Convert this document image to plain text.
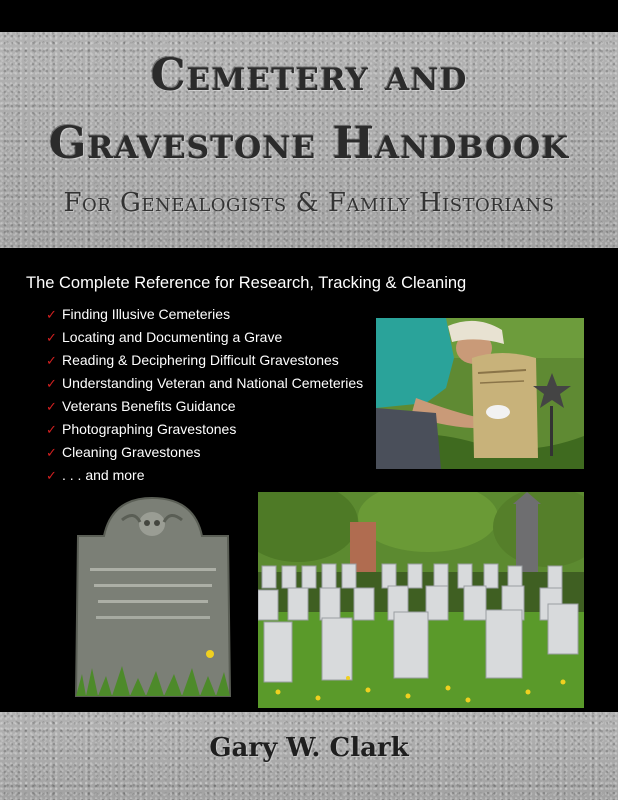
Cemetery and
Gravestone Handbook
For Genealogists & Family Historians
The Complete Reference for Research, Tracking & Cleaning
✓ Finding Illusive Cemeteries
✓ Locating and Documenting a Grave
✓ Reading & Deciphering Difficult Gravestones
✓ Understanding Veteran and National Cemeteries
✓ Veterans Benefits Guidance
✓ Photographing Gravestones
✓ Cleaning Gravestones
✓ . . . and more
Gary W. Clark
